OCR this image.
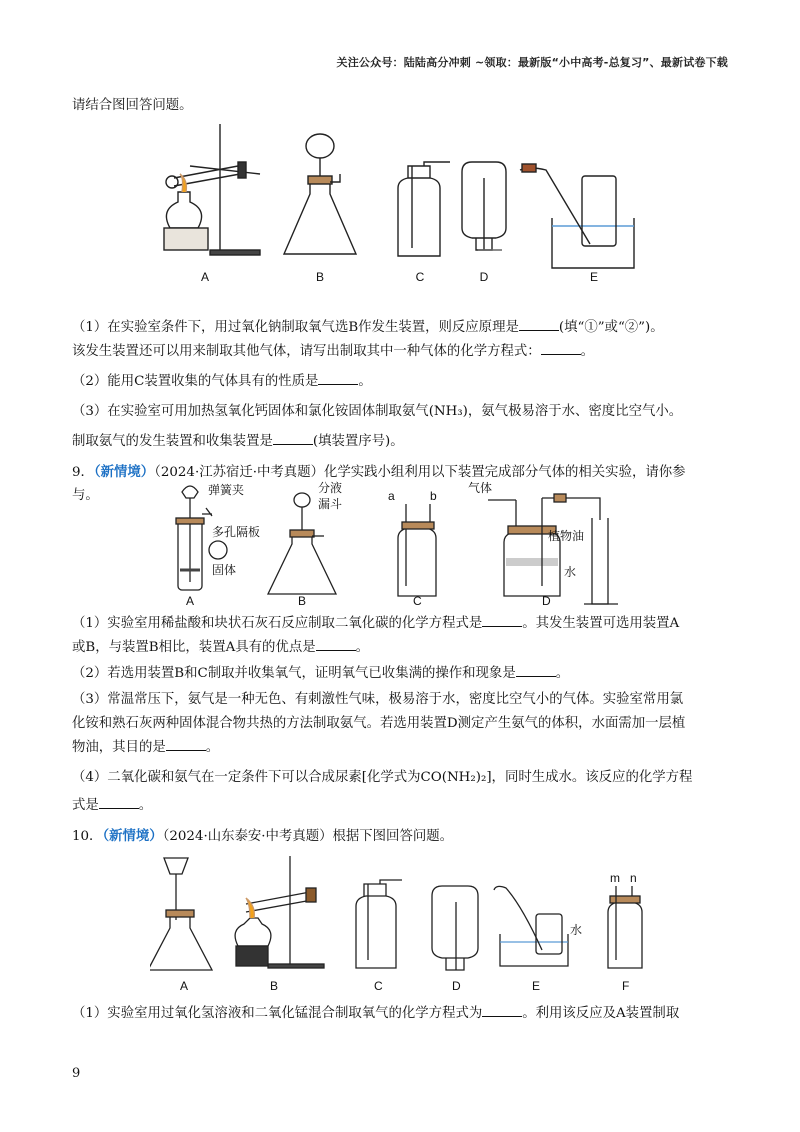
关注公众号：陆陆高分冲刺 ~领取：最新版“小中高考-总复习”、最新试卷下载
请结合图回答问题。
A	B	C	D	E
（1）在实验室条件下，用过氧化钠制取氧气选B作发生装置，则反应原理是	(填“①”或“②”)。
该发生装置还可以用来制取其他气体，请写出制取其中一种气体的化学方程式：	。
（2）能用C装置收集的气体具有的性质是	。
（3）在实验室可用加热氢氧化钙固体和氯化铵固体制取氨气(NH₃)，氨气极易溶于水、密度比空气小。
制取氨气的发生装置和收集装置是	(填装置序号)。
9．（新情境）（2024·江苏宿迁·中考真题）化学实践小组利用以下装置完成部分气体的相关实验，请你参
与。	弹簧夹
多孔隔板
固体
分液
漏斗
a	b
气体
植物油
水
A	B	C	D
（1）实验室用稀盐酸和块状石灰石反应制取二氧化碳的化学方程式是	。其发生装置可选用装置A
或B，与装置B相比，装置A具有的优点是	。
（2）若选用装置B和C制取并收集氧气，证明氧气已收集满的操作和现象是	。
（3）常温常压下，氨气是一种无色、有刺激性气味，极易溶于水，密度比空气小的气体。实验室常用氯
化铵和熟石灰两种固体混合物共热的方法制取氨气。若选用装置D测定产生氨气的体积，水面需加一层植
物油，其目的是	。
（4）二氧化碳和氨气在一定条件下可以合成尿素[化学式为CO(NH₂)₂]，同时生成水。该反应的化学方程
式是	。
10．（新情境）（2024·山东泰安·中考真题）根据下图回答问题。
水
m n
A	B	C	D	E	F
（1）实验室用过氧化氢溶液和二氧化锰混合制取氧气的化学方程式为	。利用该反应及A装置制取
9
